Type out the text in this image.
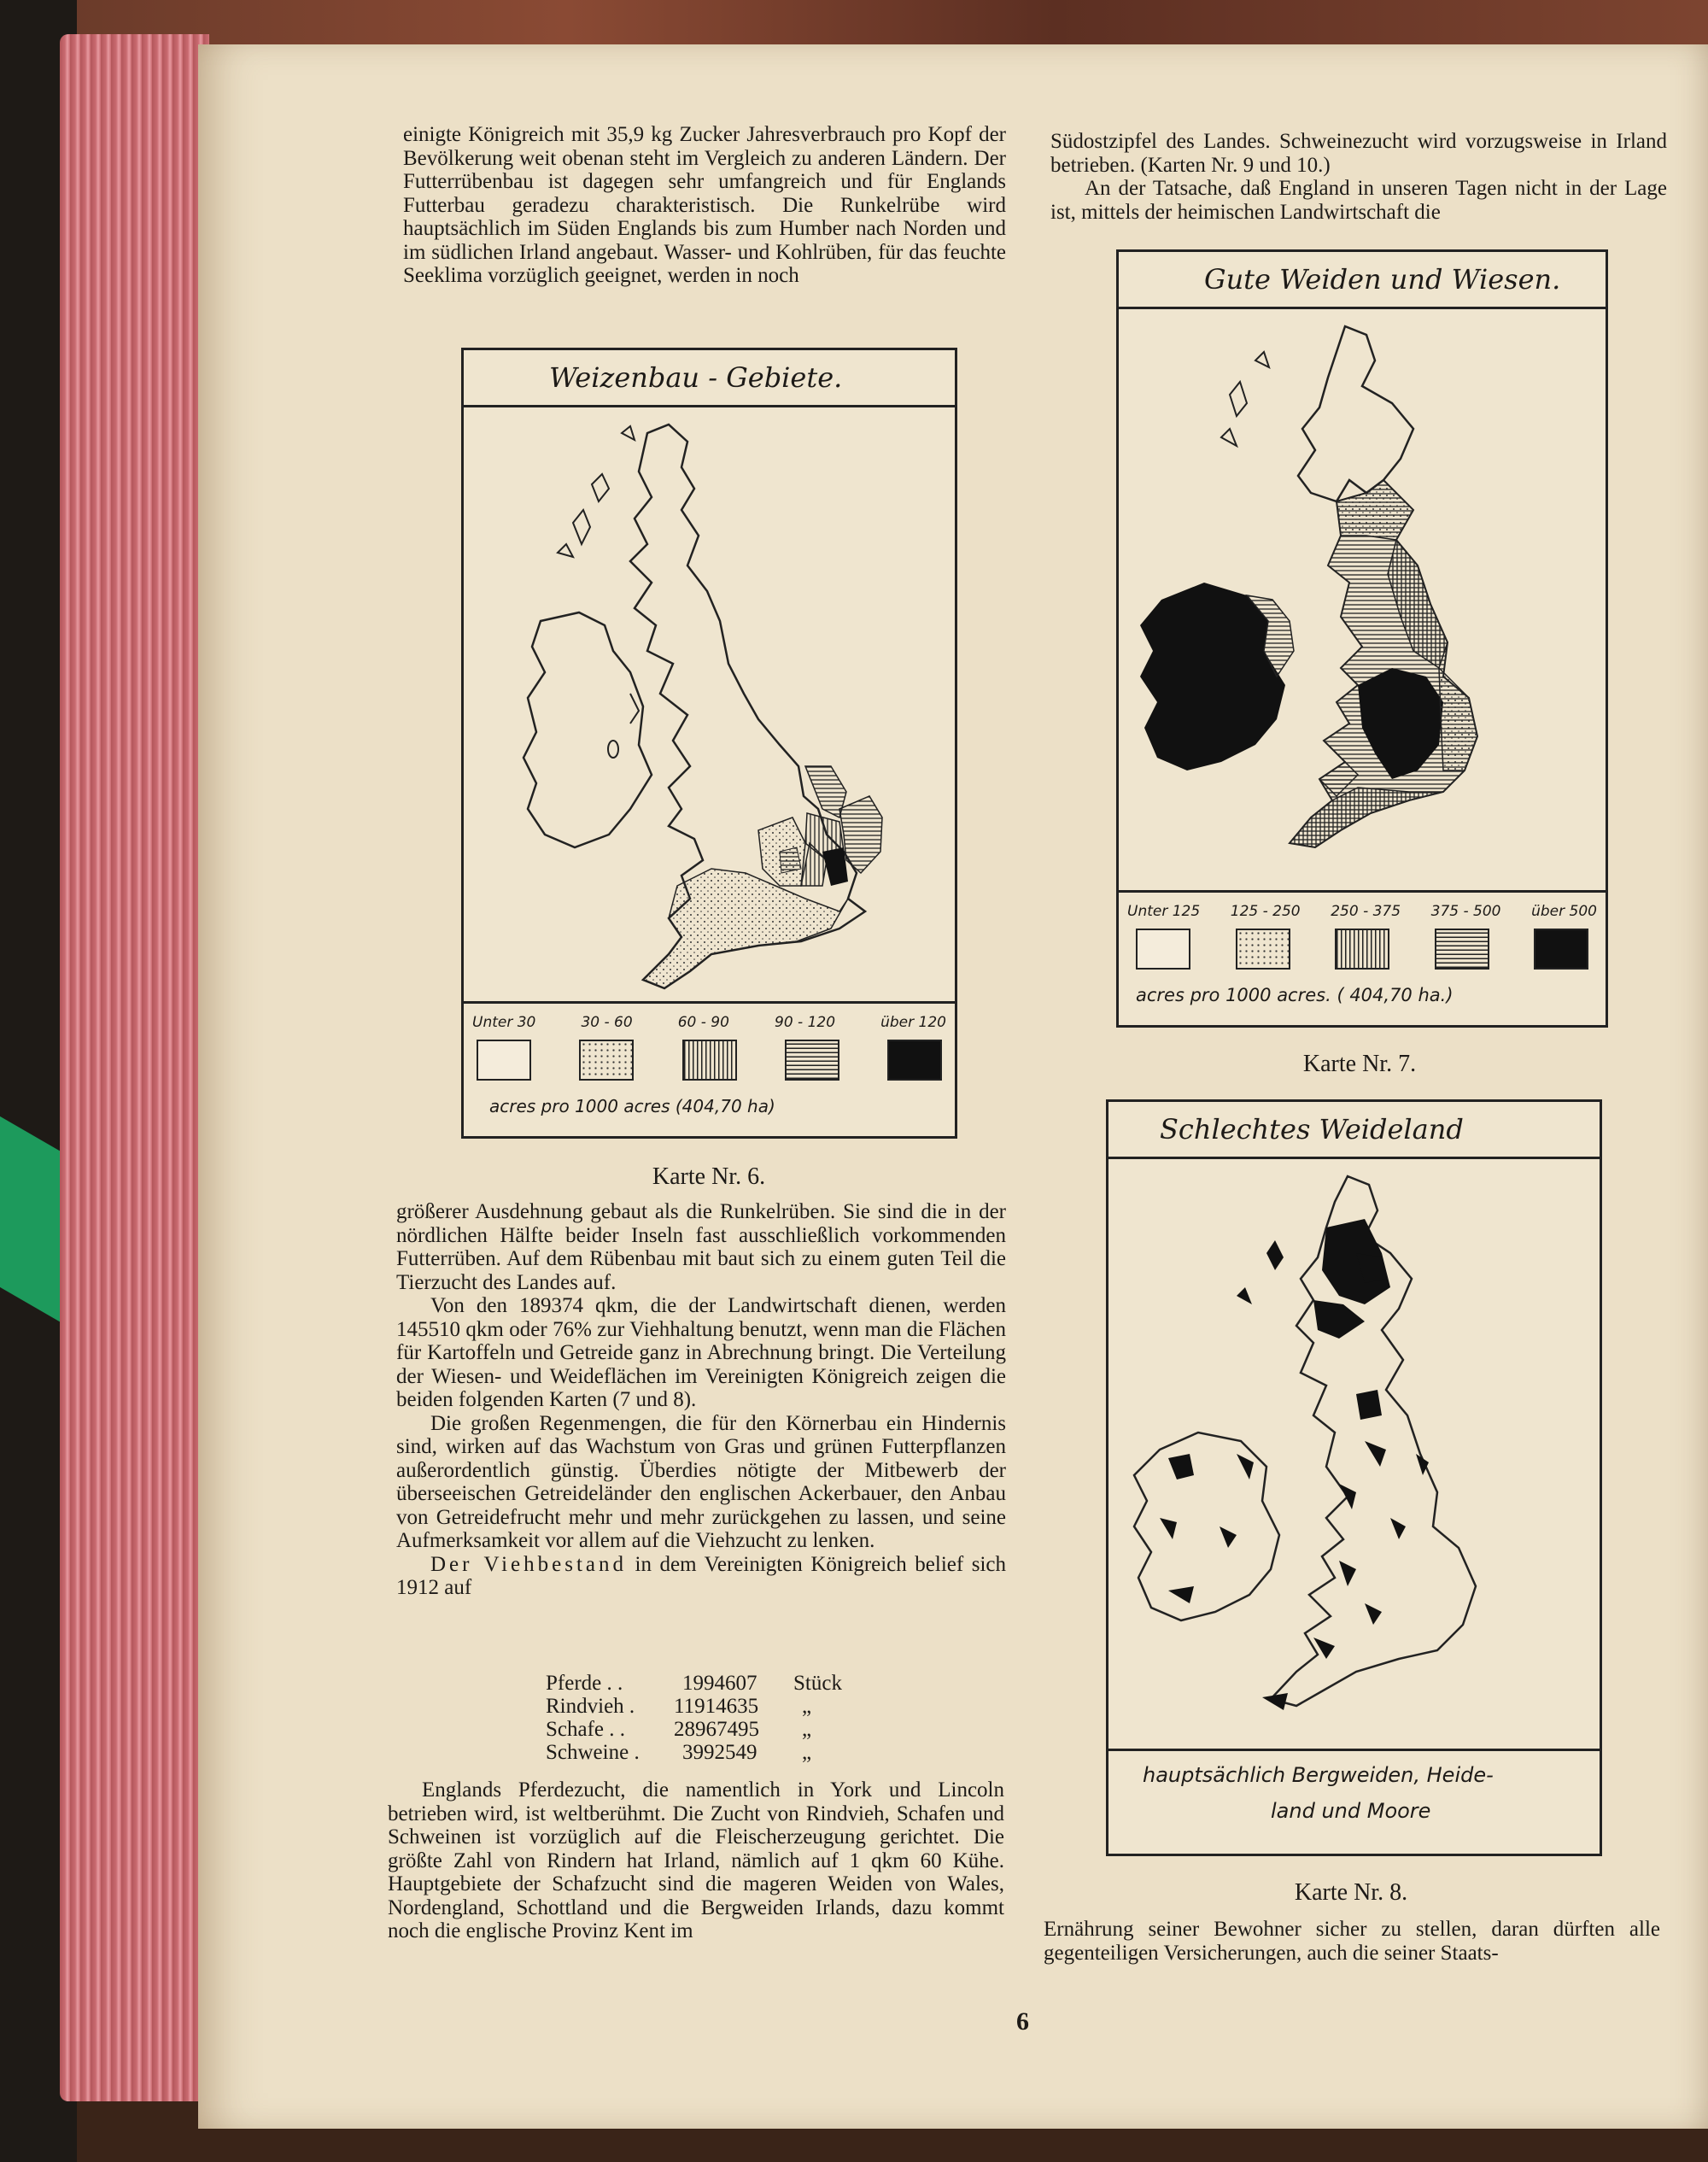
einigte Königreich mit 35,9 kg Zucker Jahresverbrauch pro Kopf der Bevölkerung weit obenan steht im Vergleich zu anderen Ländern. Der Futterrübenbau ist dagegen sehr umfangreich und für Englands Futterbau geradezu charakteristisch. Die Runkelrübe wird hauptsächlich im Süden Englands bis zum Humber nach Norden und im südlichen Irland angebaut. Wasser- und Kohlrüben, für das feuchte Seeklima vorzüglich geeignet, werden in noch

Weizenbau - Gebiete.
Unter 30	30 - 60	60 - 90	90 - 120	über 120
acres pro 1000 acres (404,70 ha)
Karte Nr. 6.

größerer Ausdehnung gebaut als die Runkelrüben. Sie sind die in der nördlichen Hälfte beider Inseln fast ausschließlich vorkommenden Futterrüben. Auf dem Rübenbau mit baut sich zu einem guten Teil die Tierzucht des Landes auf.

Von den 189374 qkm, die der Landwirtschaft dienen, werden 145510 qkm oder 76% zur Viehhaltung benutzt, wenn man die Flächen für Kartoffeln und Getreide ganz in Abrechnung bringt. Die Verteilung der Wiesen- und Weideflächen im Vereinigten Königreich zeigen die beiden folgenden Karten (7 und 8).

Die großen Regenmengen, die für den Körnerbau ein Hindernis sind, wirken auf das Wachstum von Gras und grünen Futterpflanzen außerordentlich günstig. Überdies nötigte der Mitbewerb der überseeischen Getreideländer den englischen Ackerbauer, den Anbau von Getreidefrucht mehr und mehr zurückgehen zu lassen, und seine Aufmerksamkeit vor allem auf die Viehzucht zu lenken.

Der Viehbestand in dem Vereinigten Königreich belief sich 1912 auf

Pferde . .	1994607 Stück
Rindvieh . 11914635 „
Schafe . . 28967495 „
Schweine . 3992549 „

Englands Pferdezucht, die namentlich in York und Lincoln betrieben wird, ist weltberühmt. Die Zucht von Rindvieh, Schafen und Schweinen ist vorzüglich auf die Fleischerzeugung gerichtet. Die größte Zahl von Rindern hat Irland, nämlich auf 1 qkm 60 Kühe. Hauptgebiete der Schafzucht sind die mageren Weiden von Wales, Nordengland, Schottland und die Bergweiden Irlands, dazu kommt noch die englische Provinz Kent im

Südostzipfel des Landes. Schweinezucht wird vorzugsweise in Irland betrieben. (Karten Nr. 9 und 10.)

An der Tatsache, daß England in unseren Tagen nicht in der Lage ist, mittels der heimischen Landwirtschaft die

Gute Weiden und Wiesen.
Unter 125 125 - 250 250 - 375 375 - 500 über 500
acres pro 1000 acres. ( 404,70 ha.)
Karte Nr. 7.
Schlechtes Weideland
hauptsächlich Bergweiden, Heide-
land und Moore
Karte Nr. 8.

Ernährung seiner Bewohner sicher zu stellen, daran dürften alle gegenteiligen Versicherungen, auch die seiner Staats-

6
